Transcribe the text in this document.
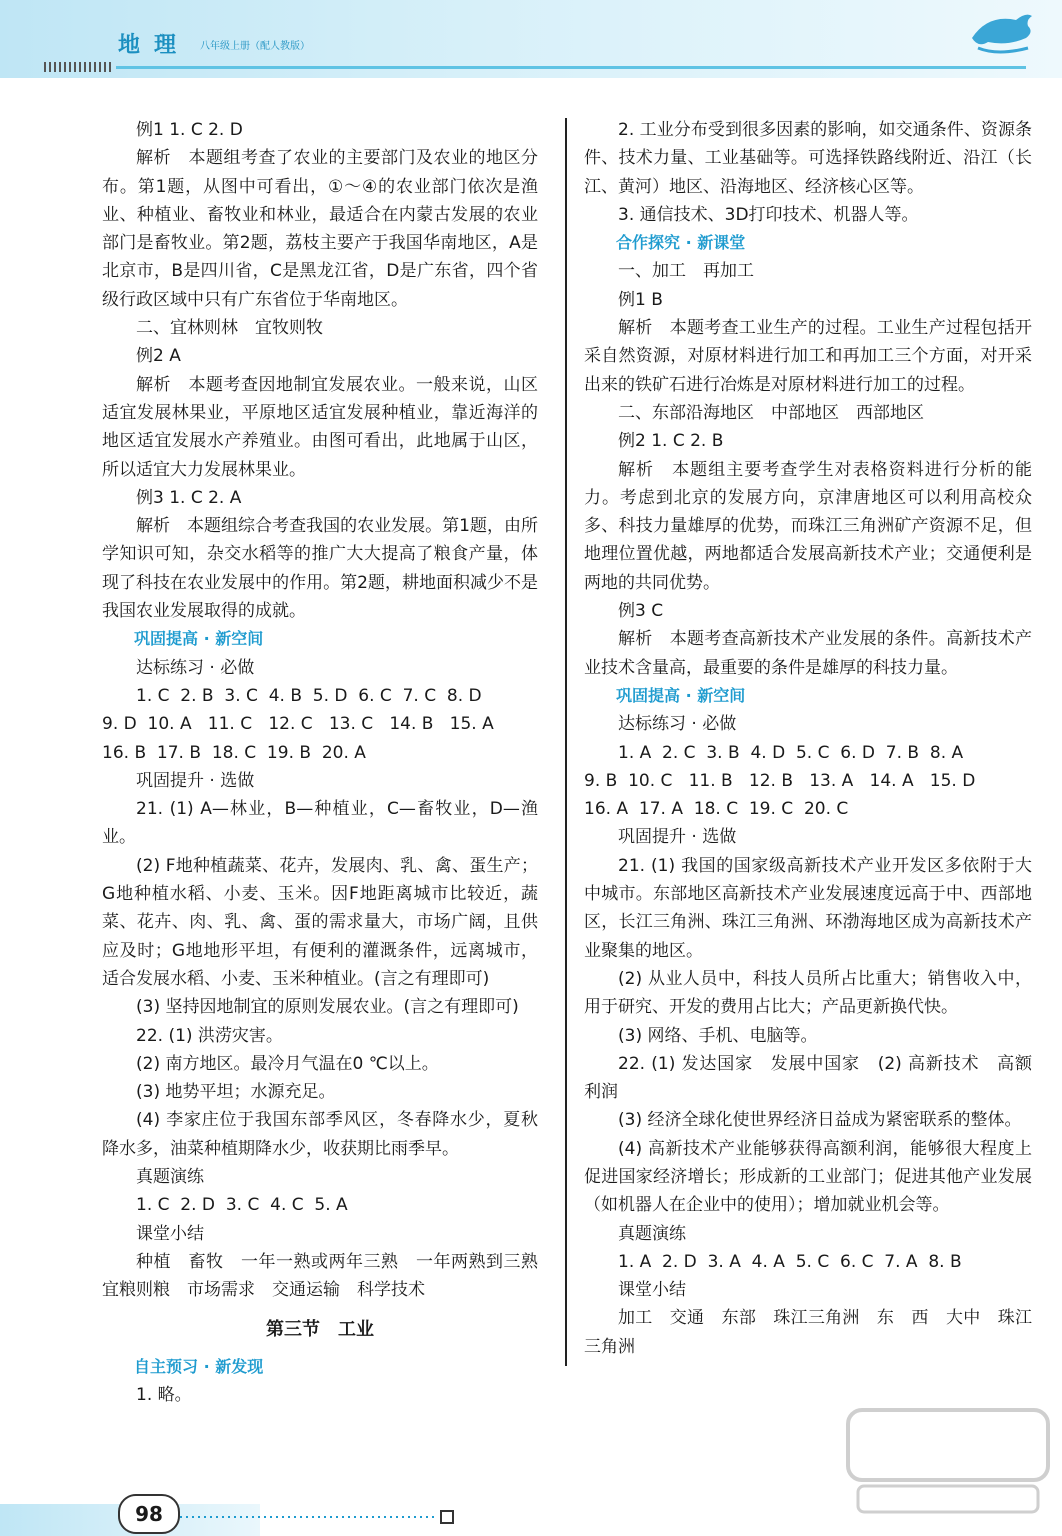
地理 八年级上册（配人教版）

例1 1. C 2. D

解析　本题组考查了农业的主要部门及农业的地区分布。第1题，从图中可看出，①～④的农业部门依次是渔业、种植业、畜牧业和林业，最适合在内蒙古发展的农业部门是畜牧业。第2题，荔枝主要产于我国华南地区，A是北京市，B是四川省，C是黑龙江省，D是广东省，四个省级行政区域中只有广东省位于华南地区。

二、宜林则林　宜牧则牧

例2 A

解析　本题考查因地制宜发展农业。一般来说，山区适宜发展林果业，平原地区适宜发展种植业，靠近海洋的地区适宜发展水产养殖业。由图可看出，此地属于山区，所以适宜大力发展林果业。

例3 1. C 2. A

解析　本题组综合考查我国的农业发展。第1题，由所学知识可知，杂交水稻等的推广大大提高了粮食产量，体现了科技在农业发展中的作用。第2题，耕地面积减少不是我国农业发展取得的成就。

巩固提高 · 新空间

达标练习 · 必做

1. C  2. B  3. C  4. B  5. D  6. C  7. C  8. D

9. D  10. A   11. C   12. C   13. C   14. B   15. A

16. B  17. B  18. C  19. B  20. A

巩固提升 · 选做

21. (1) A—林业，B—种植业，C—畜牧业，D—渔业。

(2) F地种植蔬菜、花卉，发展肉、乳、禽、蛋生产；G地种植水稻、小麦、玉米。因F地距离城市比较近，蔬菜、花卉、肉、乳、禽、蛋的需求量大，市场广阔，且供应及时；G地地形平坦，有便利的灌溉条件，远离城市，适合发展水稻、小麦、玉米种植业。(言之有理即可)

(3) 坚持因地制宜的原则发展农业。(言之有理即可)

22. (1) 洪涝灾害。

(2) 南方地区。最冷月气温在0 ℃以上。

(3) 地势平坦；水源充足。

(4) 李家庄位于我国东部季风区，冬春降水少，夏秋降水多，油菜种植期降水少，收获期比雨季早。

真题演练

1. C  2. D  3. C  4. C  5. A

课堂小结

种植　畜牧　一年一熟或两年三熟　一年两熟到三熟　宜粮则粮　市场需求　交通运输　科学技术

第三节　工业

自主预习 · 新发现

1. 略。

2. 工业分布受到很多因素的影响，如交通条件、资源条件、技术力量、工业基础等。可选择铁路线附近、沿江（长江、黄河）地区、沿海地区、经济核心区等。

3. 通信技术、3D打印技术、机器人等。

合作探究 · 新课堂

一、加工　再加工

例1 B

解析　本题考查工业生产的过程。工业生产过程包括开采自然资源，对原材料进行加工和再加工三个方面，对开采出来的铁矿石进行冶炼是对原材料进行加工的过程。

二、东部沿海地区　中部地区　西部地区

例2 1. C 2. B

解析　本题组主要考查学生对表格资料进行分析的能力。考虑到北京的发展方向，京津唐地区可以利用高校众多、科技力量雄厚的优势，而珠江三角洲矿产资源不足，但地理位置优越，两地都适合发展高新技术产业；交通便利是两地的共同优势。

例3 C

解析　本题考查高新技术产业发展的条件。高新技术产业技术含量高，最重要的条件是雄厚的科技力量。

巩固提高 · 新空间

达标练习 · 必做

1. A  2. C  3. B  4. D  5. C  6. D  7. B  8. A

9. B  10. C   11. B   12. B   13. A   14. A   15. D

16. A  17. A  18. C  19. C  20. C

巩固提升 · 选做

21. (1) 我国的国家级高新技术产业开发区多依附于大中城市。东部地区高新技术产业发展速度远高于中、西部地区，长江三角洲、珠江三角洲、环渤海地区成为高新技术产业聚集的地区。

(2) 从业人员中，科技人员所占比重大；销售收入中，用于研究、开发的费用占比大；产品更新换代快。

(3) 网络、手机、电脑等。

22. (1) 发达国家　发展中国家　(2) 高新技术　高额利润

(3) 经济全球化使世界经济日益成为紧密联系的整体。

(4) 高新技术产业能够获得高额利润，能够很大程度上促进国家经济增长；形成新的工业部门；促进其他产业发展（如机器人在企业中的使用）；增加就业机会等。

真题演练

1. A  2. D  3. A  4. A  5. C  6. C  7. A  8. B

课堂小结

加工　交通　东部　珠江三角洲　东　西　大中　珠江三角洲

98
